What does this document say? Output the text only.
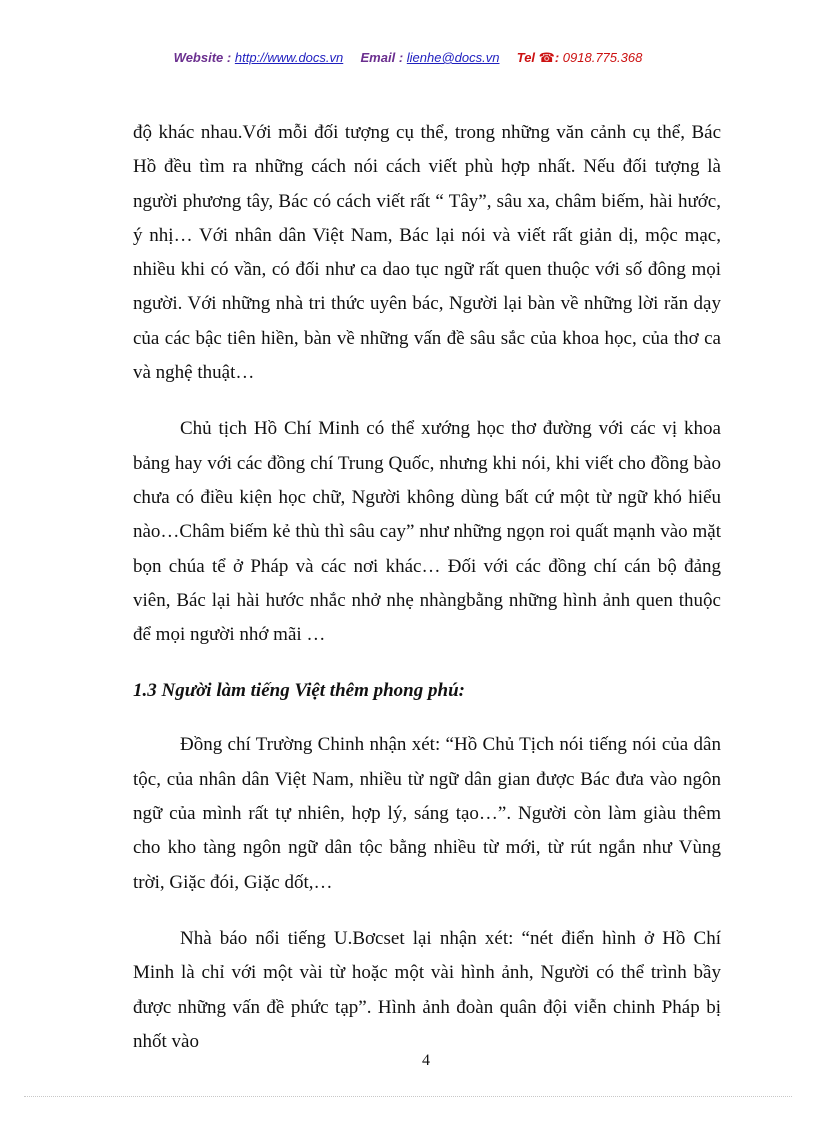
Website : http://www.docs.vn Email : lienhe@docs.vn Tel ☎: 0918.775.368

độ khác nhau.Với mỗi đối tượng cụ thể, trong những văn cảnh cụ thể, Bác Hồ đều tìm ra những cách nói cách viết phù hợp nhất. Nếu đối tượng là người phương tây, Bác có cách viết rất “ Tây”, sâu xa, châm biếm, hài hước, ý nhị… Với nhân dân Việt Nam, Bác lại nói và viết rất giản dị, mộc mạc, nhiều khi có vần, có đối như ca dao tục ngữ rất quen thuộc với số đông mọi người. Với những nhà tri thức uyên bác, Người lại bàn về những lời răn dạy của các bậc tiên hiền, bàn về những vấn đề sâu sắc của khoa học, của thơ ca và nghệ thuật…

Chủ tịch Hồ Chí Minh có thể xướng học thơ đường với các vị khoa bảng hay với các đồng chí Trung Quốc, nhưng khi nói, khi viết cho đồng bào chưa có điều kiện học chữ, Người không dùng bất cứ một từ ngữ khó hiểu nào…Châm biếm kẻ thù thì sâu cay” như những ngọn roi quất mạnh vào mặt bọn chúa tể ở Pháp và các nơi khác… Đối với các đồng chí cán bộ đảng viên, Bác lại hài hước nhắc nhở nhẹ nhàngbằng những hình ảnh quen thuộc để mọi người nhớ mãi …

1.3 Người làm tiếng Việt thêm phong phú:

Đồng chí Trường Chinh nhận xét: “Hồ Chủ Tịch nói tiếng nói của dân tộc, của nhân dân Việt Nam, nhiều từ ngữ dân gian được Bác đưa vào ngôn ngữ của mình rất tự nhiên, hợp lý, sáng tạo…”. Người còn làm giàu thêm cho kho tàng ngôn ngữ dân tộc bằng nhiều từ mới, từ rút ngắn như Vùng trời, Giặc đói, Giặc dốt,…

Nhà báo nổi tiếng U.Bơcset lại nhận xét: “nét điển hình ở Hồ Chí Minh là chỉ với một vài từ hoặc một vài hình ảnh, Người có thể trình bầy được những vấn đề phức tạp”. Hình ảnh đoàn quân đội viễn chinh Pháp bị nhốt vào

4
